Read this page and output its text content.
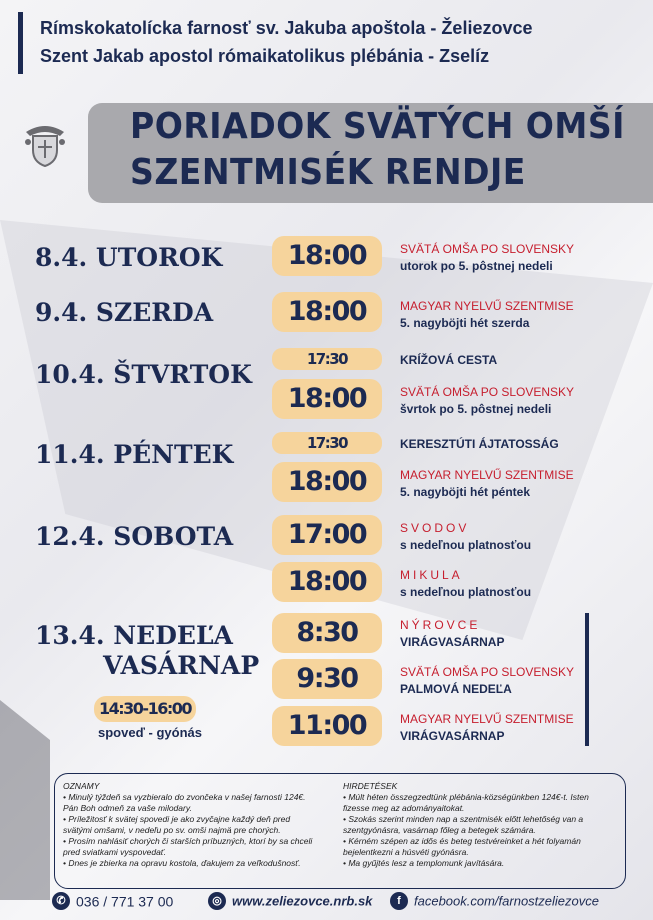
Rímskokatolícka farnosť sv. Jakuba apoštola - Želiezovce
Szent Jakab apostol rómaikatolikus plébánia - Zselíz
PORIADOK SVÄTÝCH OMŠÍ
SZENTMISÉK RENDJE
8.4. UTOROK
9.4. SZERDA
10.4. ŠTVRTOK
11.4. PÉNTEK
12.4. SOBOTA
13.4. NEDEĽA
VASÁRNAP
18:00
18:00
17:30
18:00
17:30
18:00
17:00
18:00
8:30
9:30
11:00
SVÄTÁ OMŠA PO SLOVENSKY
utorok po 5. pôstnej nedeli
MAGYAR NYELVŰ SZENTMISE
5. nagyböjti hét szerda
KRÍŽOVÁ CESTA
SVÄTÁ OMŠA PO SLOVENSKY
švrtok po 5. pôstnej nedeli
KERESZTÚTI ÁJTATOSSÁG
MAGYAR NYELVŰ SZENTMISE
5. nagyböjti hét péntek
SVODOV
s nedeľnou platnosťou
MIKULA
s nedeľnou platnosťou
NÝROVCE
VIRÁGVASÁRNAP
SVÄTÁ OMŠA PO SLOVENSKY
PALMOVÁ NEDEĽA
MAGYAR NYELVŰ SZENTMISE
VIRÁGVASÁRNAP
14:30-16:00
spoveď - gyónás
OZNAMY
• Minulý týždeň sa vyzbieralo do zvončeka v našej farnosti 124€.
Pán Boh odmeň za vaše milodary.
• Príležitosť k svätej spovedi je ako zvyčajne každý deň pred
svätými omšami, v nedeľu po sv. omši najmä pre chorých.
• Prosím nahlásiť chorých či starších príbuzných, ktorí by sa chceli
pred sviatkami vyspovedať.
• Dnes je zbierka na opravu kostola, ďakujem za veľkodušnosť.
HIRDETÉSEK
• Múlt héten összegzedtünk plébánia-községünkben 124€-t. Isten
fizesse meg az adományaitokat.
• Szokás szerint minden nap a szentmisék előtt lehetőség van a
szentgyónásra, vasárnap főleg a betegek számára.
• Kérném szépen az idős és beteg testvéreinket a hét folyamán
bejelentkezni a húsvéti gyónásra.
• Ma gyűjtés lesz a templomunk javítására.
✆ 036 / 771 37 00	◎ www.zeliezovce.nrb.sk	f facebook.com/farnostzeliezovce
